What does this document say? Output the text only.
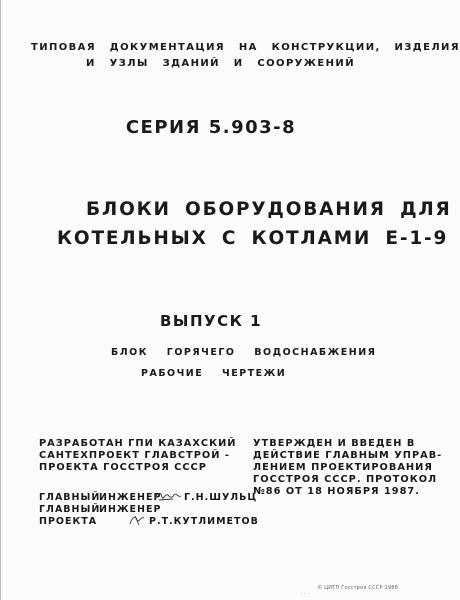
ТИПОВАЯ ДОКУМЕНТАЦИЯ НА КОНСТРУКЦИИ, ИЗДЕЛИЯ
И УЗЛЫ ЗДАНИЙ И СООРУЖЕНИЙ
СЕРИЯ 5.903-8
БЛОКИ ОБОРУДОВАНИЯ ДЛЯ
КОТЕЛЬНЫХ С КОТЛАМИ Е-1-9
ВЫПУСК 1
БЛОК ГОРЯЧЕГО ВОДОСНАБЖЕНИЯ
РАБОЧИЕ ЧЕРТЕЖИ
РАЗРАБОТАН ГПИ КАЗАХСКИЙ
САНТЕХПРОЕКТ ГЛАВСТРОЙ -
ПРОЕКТА ГОССТРОЯ СССР
УТВЕРЖДЕН И ВВЕДЕН В
ДЕЙСТВИЕ ГЛАВНЫМ УПРАВ-
ЛЕНИЕМ ПРОЕКТИРОВАНИЯ
ГОССТРОЯ СССР. ПРОТОКОЛ
№86 ОТ 18 НОЯБРЯ 1987.
ГЛАВНЫЙ
ИНЖЕНЕР Г.Н.ШУЛЬЦ
ГЛАВНЫЙ
ИНЖЕНЕР
ПРОЕКТА	Р.Т.КУТЛИМЕТОВ
© ЦИТП Госстроя СССР 1988
· · ·
